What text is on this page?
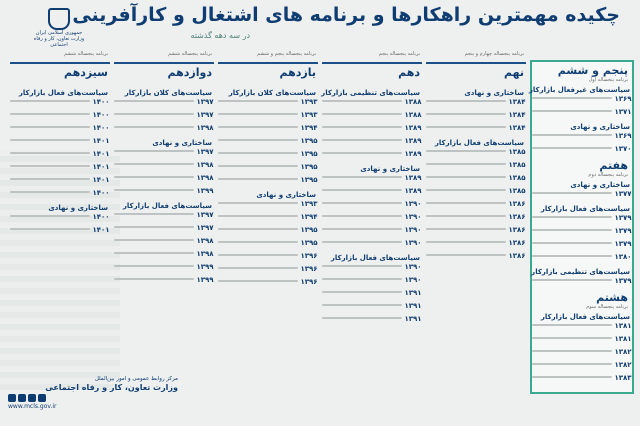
چکیده مهمترین راهکارها و برنامه های اشتغال و کارآفرینی
در سه دهه گذشته
جمهوری اسلامی ایران
وزارت تعاون، کار و رفاه اجتماعی
پنجم و ششم
برنامه پنجساله اول
سیاست‌های غیرفعال بازارکار
۱۳۶۹
۱۳۷۱
ساختاری و نهادی
۱۳۶۹
۱۳۷۰
هفتم
برنامه پنجساله دوم
ساختاری و نهادی
۱۳۷۷
سیاست‌های فعال بازارکار
۱۳۷۹
۱۳۷۹
۱۳۷۹
۱۳۸۰
سیاست‌های تنظیمی بازارکار
۱۳۷۹
هشتم
برنامه پنجساله سوم
سیاست‌های فعال بازارکار
۱۳۸۱
۱۳۸۱
۱۳۸۲
۱۳۸۲
۱۳۸۳
برنامه پنجساله چهارم و پنجم
نهم
ساختاری و نهادی
۱۳۸۴
۱۳۸۴
۱۳۸۴
سیاست‌های فعال بازارکار
۱۳۸۵
۱۳۸۵
۱۳۸۵
۱۳۸۵
۱۳۸۶
۱۳۸۶
۱۳۸۶
۱۳۸۶
۱۳۸۶
برنامه پنجساله پنجم
دهم
سیاست‌های تنظیمی بازارکار
۱۳۸۸
۱۳۸۸
۱۳۸۹
۱۳۸۹
۱۳۸۹
ساختاری و نهادی
۱۳۸۹
۱۳۸۹
۱۳۹۰
۱۳۹۰
۱۳۹۰
۱۳۹۰
سیاست‌های فعال بازارکار
۱۳۹۰
۱۳۹۰
۱۳۹۱
۱۳۹۱
۱۳۹۱
برنامه پنجساله پنجم و ششم
یازدهم
سیاست‌های کلان بازارکار
۱۳۹۳
۱۳۹۳
۱۳۹۴
۱۳۹۵
۱۳۹۵
۱۳۹۵
۱۳۹۵
ساختاری و نهادی
۱۳۹۳
۱۳۹۴
۱۳۹۵
۱۳۹۵
۱۳۹۶
۱۳۹۶
۱۳۹۶
برنامه پنجساله ششم
دوازدهم
سیاست‌های کلان بازارکار
۱۳۹۷
۱۳۹۷
۱۳۹۸
ساختاری و نهادی
۱۳۹۷
۱۳۹۸
۱۳۹۸
۱۳۹۹
سیاست‌های فعال بازارکار
۱۳۹۷
۱۳۹۷
۱۳۹۸
۱۳۹۸
۱۳۹۹
۱۳۹۹
برنامه پنجساله ششم
سیزدهم
سیاست‌های فعال بازارکار
۱۴۰۰
۱۴۰۰
۱۴۰۰
۱۴۰۱
۱۴۰۱
۱۴۰۱
۱۴۰۱
۱۴۰۰
ساختاری و نهادی
۱۴۰۰
۱۴۰۱
مرکز روابط عمومی و امور بین‌الملل
وزارت تعاون، کار و رفاه اجتماعی
www.mcls.gov.ir
